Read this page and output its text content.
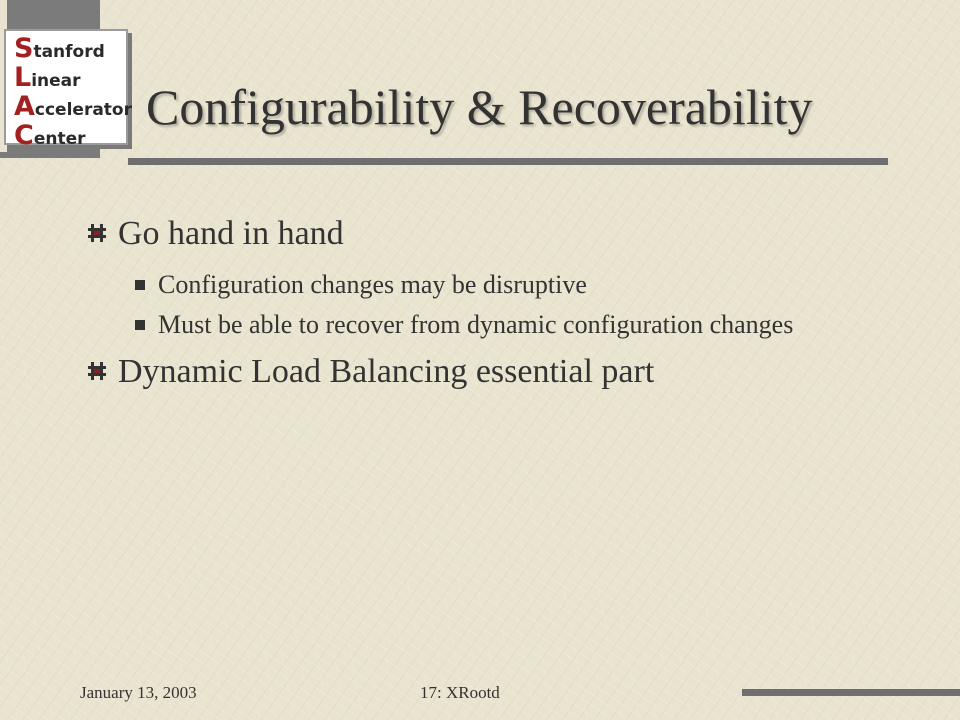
Stanford
Linear
Accelerator
Center
Configurability & Recoverability
Go hand in hand
Configuration changes may be disruptive
Must be able to recover from dynamic configuration changes
Dynamic Load Balancing essential part
January 13, 2003	17: XRootd
